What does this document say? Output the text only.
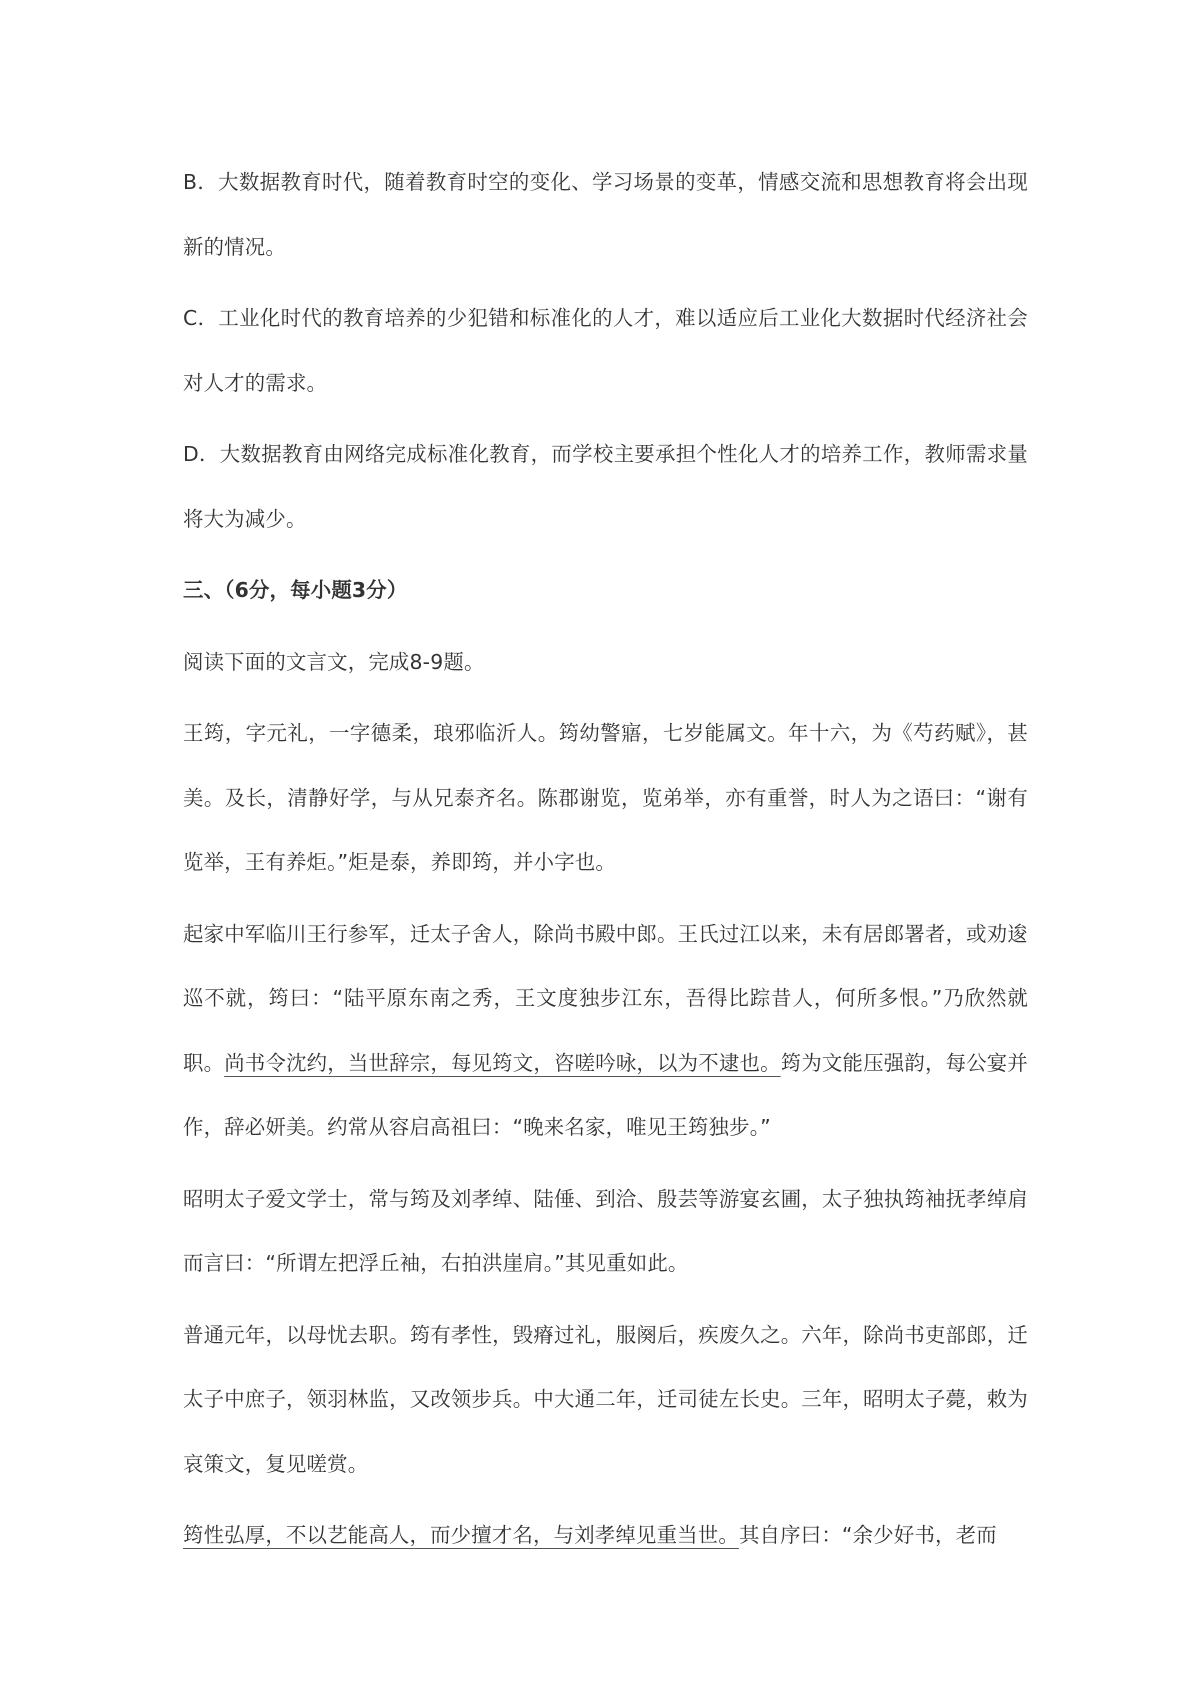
B．大数据教育时代，随着教育时空的变化、学习场景的变革，情感交流和思想教育将会出现新的情况。

C．工业化时代的教育培养的少犯错和标准化的人才，难以适应后工业化大数据时代经济社会对人才的需求。

D．大数据教育由网络完成标准化教育，而学校主要承担个性化人才的培养工作，教师需求量将大为减少。

三、（6分，每小题3分）

阅读下面的文言文，完成8-9题。

王筠，字元礼，一字德柔，琅邪临沂人。筠幼警寤，七岁能属文。年十六，为《芍药赋》，甚美。及长，清静好学，与从兄泰齐名。陈郡谢览，览弟举，亦有重誉，时人为之语曰：“谢有览举，王有养炬。”炬是泰，养即筠，并小字也。

起家中军临川王行参军，迁太子舍人，除尚书殿中郎。王氏过江以来，未有居郎署者，或劝逡巡不就，筠曰：“陆平原东南之秀，王文度独步江东，吾得比踪昔人，何所多恨。”乃欣然就职。尚书令沈约，当世辞宗，每见筠文，咨嗟吟咏，以为不逮也。筠为文能压强韵，每公宴并作，辞必妍美。约常从容启高祖曰：“晚来名家，唯见王筠独步。”

昭明太子爱文学士，常与筠及刘孝绰、陆倕、到洽、殷芸等游宴玄圃，太子独执筠袖抚孝绰肩而言曰：“所谓左把浮丘袖，右拍洪崖肩。”其见重如此。

普通元年，以母忧去职。筠有孝性，毁瘠过礼，服阕后，疾废久之。六年，除尚书吏部郎，迁太子中庶子，领羽林监，又改领步兵。中大通二年，迁司徒左长史。三年，昭明太子薨，敕为哀策文，复见嗟赏。

筠性弘厚，不以艺能高人，而少擅才名，与刘孝绰见重当世。其自序曰：“余少好书，老而
